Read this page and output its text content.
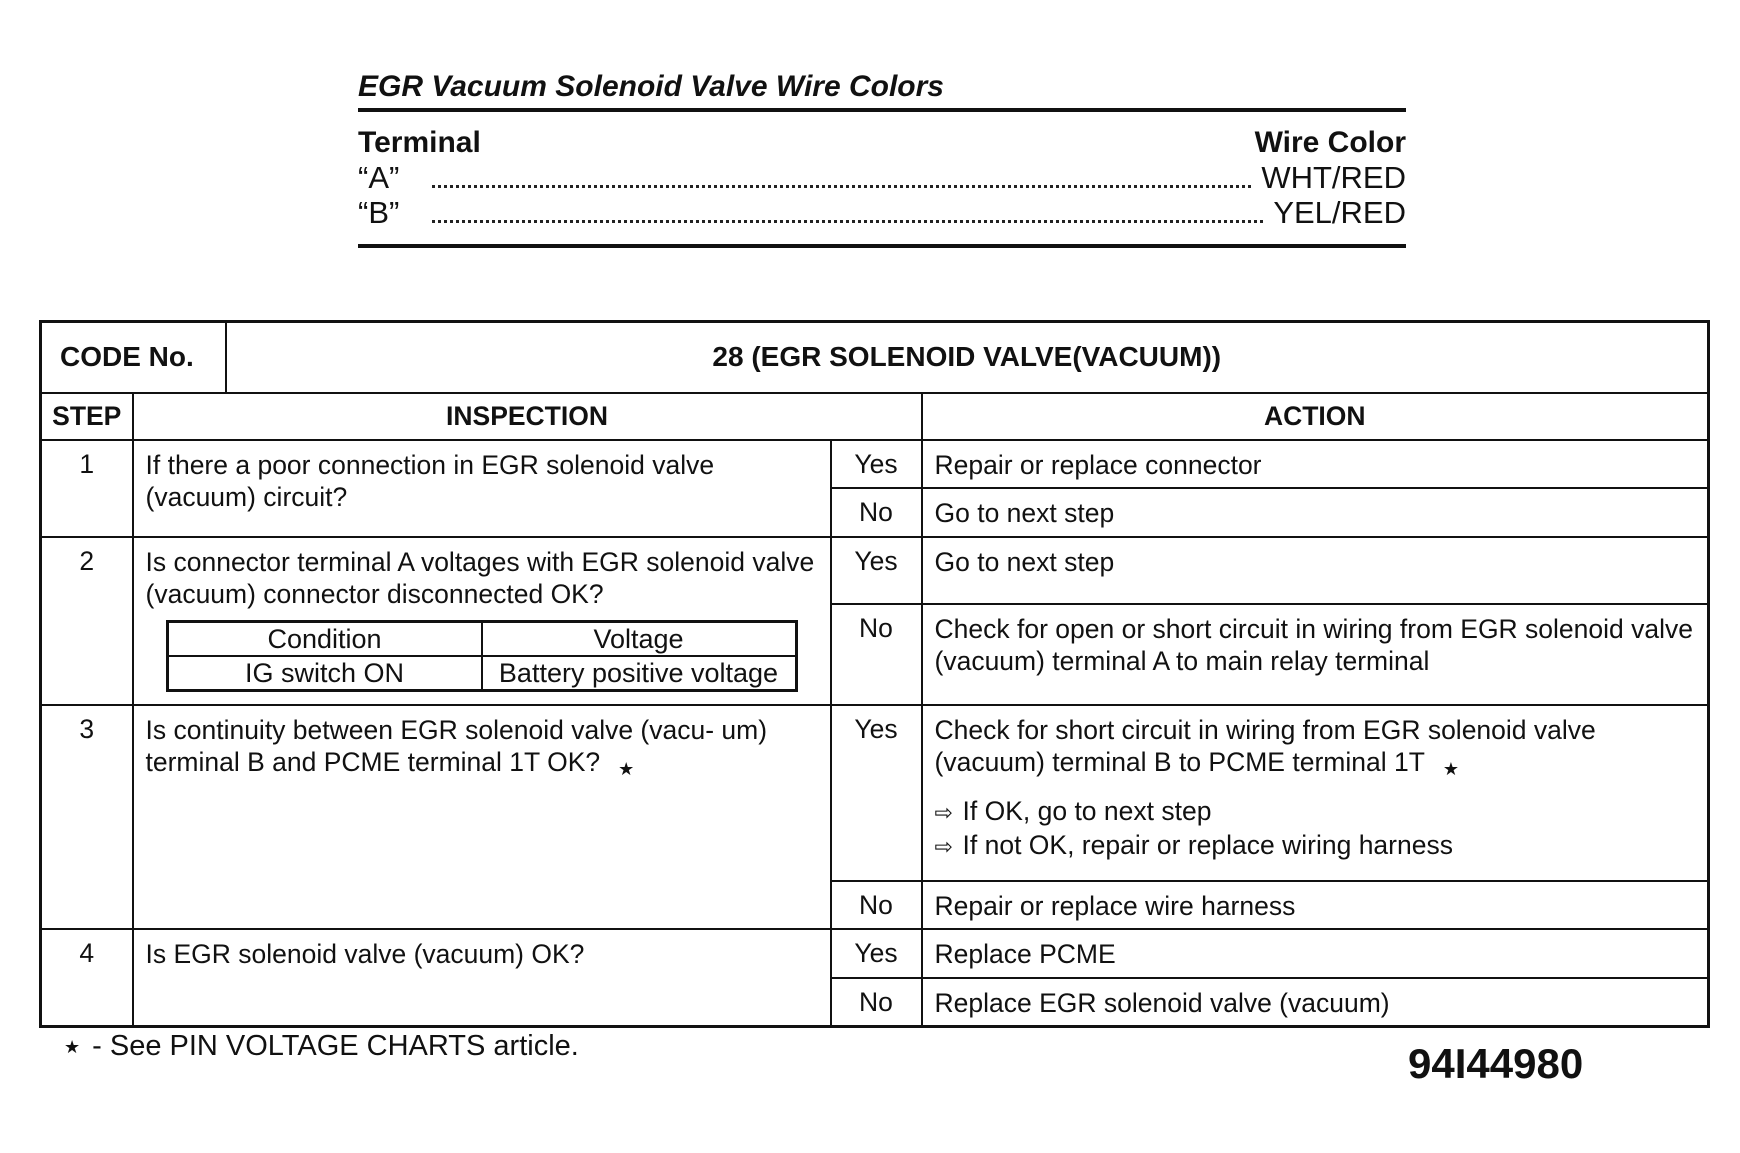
EGR Vacuum Solenoid Valve Wire Colors
Terminal	Wire Color
“A”	WHT/RED
“B”	YEL/RED
CODE No.	28 (EGR SOLENOID VALVE(VACUUM))
STEP	INSPECTION	ACTION
1	If there a poor connection in EGR solenoid valve (vacuum) circuit?	Yes	Repair or replace connector
No	Go to next step
2	Is connector terminal A voltages with EGR solenoid valve (vacuum) connector disconnected OK?
Condition	Voltage
IG switch ON	Battery positive voltage
	Yes	Go to next step
No	Check for open or short circuit in wiring from EGR solenoid valve (vacuum) terminal A to main relay terminal
3	Is continuity between EGR solenoid valve (vacu- um) terminal B and PCME terminal 1T OK? ★	Yes	Check for short circuit in wiring from EGR solenoid valve (vacuum) terminal B to PCME terminal 1T ★
⇨ If OK, go to next step
⇨ If not OK, repair or replace wiring harness

No	Repair or replace wire harness
4	Is EGR solenoid valve (vacuum) OK?	Yes	Replace PCME
No	Replace EGR solenoid valve (vacuum)
★ - See PIN VOLTAGE CHARTS article.	94I44980
